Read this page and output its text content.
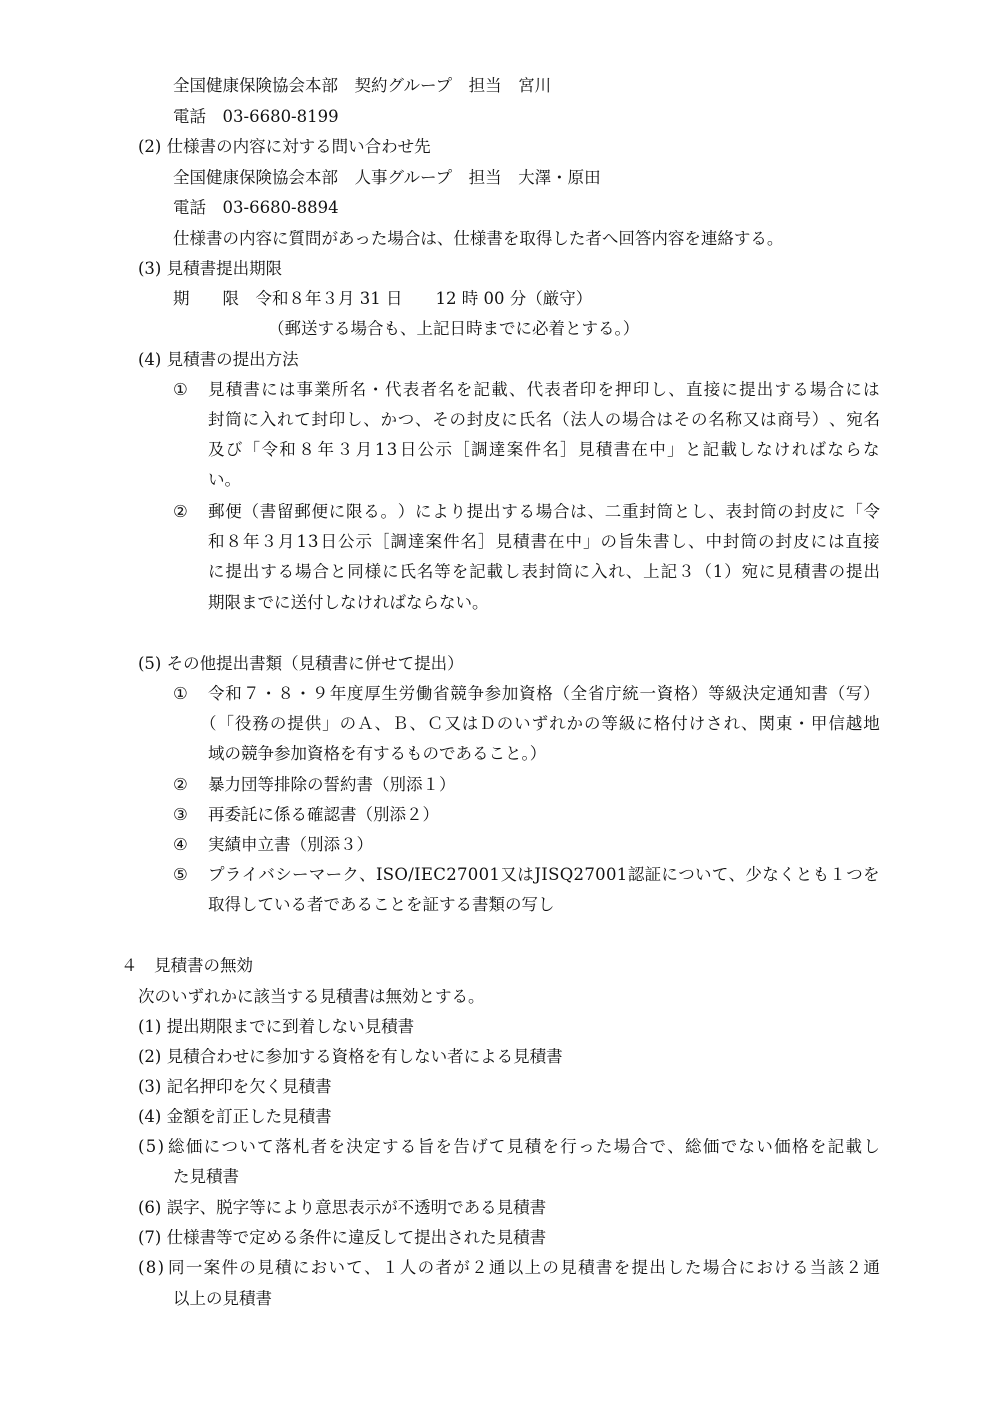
全国健康保険協会本部　契約グループ　担当　宮川
電話　03-6680-8199
(2) 仕様書の内容に対する問い合わせ先
全国健康保険協会本部　人事グループ　担当　大澤・原田
電話　03-6680-8894
仕様書の内容に質問があった場合は、仕様書を取得した者へ回答内容を連絡する。
(3) 見積書提出期限
期　　限　令和８年３月 31 日　　12 時 00 分（厳守）
（郵送する場合も、上記日時までに必着とする。）
(4) 見積書の提出方法
① 見 積 書 に は 事 業 所 名 ・ 代 表 者 名 を 記 載 、 代 表 者 印 を 押 印 し 、 直 接 に 提 出 す る 場 合 に は
封 筒 に 入 れ て 封 印 し 、 か つ 、 そ の 封 皮 に 氏 名 （ 法 人 の 場 合 は そ の 名 称 又 は 商 号 ） 、 宛 名
及 び 「 令 和 ８ 年 ３ 月 1 3 日 公 示 ［ 調 達 案 件 名 ］ 見 積 書 在 中 」 と 記 載 し な け れ ば な ら な
い。
② 郵 便 （ 書 留 郵 便 に 限 る 。 ） に よ り 提 出 す る 場 合 は 、 二 重 封 筒 と し 、 表 封 筒 の 封 皮 に 「 令
和 ８ 年 ３ 月 1 3 日 公 示 ［ 調 達 案 件 名 ］ 見 積 書 在 中 」 の 旨 朱 書 し 、 中 封 筒 の 封 皮 に は 直 接
に 提 出 す る 場 合 と 同 様 に 氏 名 等 を 記 載 し 表 封 筒 に 入 れ 、 上 記 ３ （ 1 ） 宛 に 見 積 書 の 提 出
期限までに送付しなければならない。
(5) その他提出書類（見積書に併せて提出）
① 令 和 ７ ・ ８ ・ ９ 年 度 厚 生 労 働 省 競 争 参 加 資 格 （ 全 省 庁 統 一 資 格 ） 等 級 決 定 通 知 書 （ 写 ）
（ 「 役 務 の 提 供 」 の Ａ 、 Ｂ 、 Ｃ 又 は Ｄ の い ず れ か の 等 級 に 格 付 け さ れ 、 関 東 ・ 甲 信 越 地
域の競争参加資格を有するものであること。）
② 暴力団等排除の誓約書（別添１）
③ 再委託に係る確認書（別添２）
④ 実績申立書（別添３）
⑤ プ ラ イ バ シ ー マ ー ク 、 I S O / I E C 2 7 0 0 1 又 は J I S Q 2 7 0 0 1 認 証 に つ い て 、 少 な く と も １ つ を
取得している者であることを証する書類の写し
４　見積書の無効
次のいずれかに該当する見積書は無効とする。
(1) 提出期限までに到着しない見積書
(2) 見積合わせに参加する資格を有しない者による見積書
(3) 記名押印を欠く見積書
(4) 金額を訂正した見積書
( 5 ) 総 価 に つ い て 落 札 者 を 決 定 す る 旨 を 告 げ て 見 積 を 行 っ た 場 合 で 、 総 価 で な い 価 格 を 記 載 し
た見積書
(6) 誤字、脱字等により意思表示が不透明である見積書
(7) 仕様書等で定める条件に違反して提出された見積書
( 8 ) 同 一 案 件 の 見 積 に お い て 、 １ 人 の 者 が ２ 通 以 上 の 見 積 書 を 提 出 し た 場 合 に お け る 当 該 ２ 通
以上の見積書
